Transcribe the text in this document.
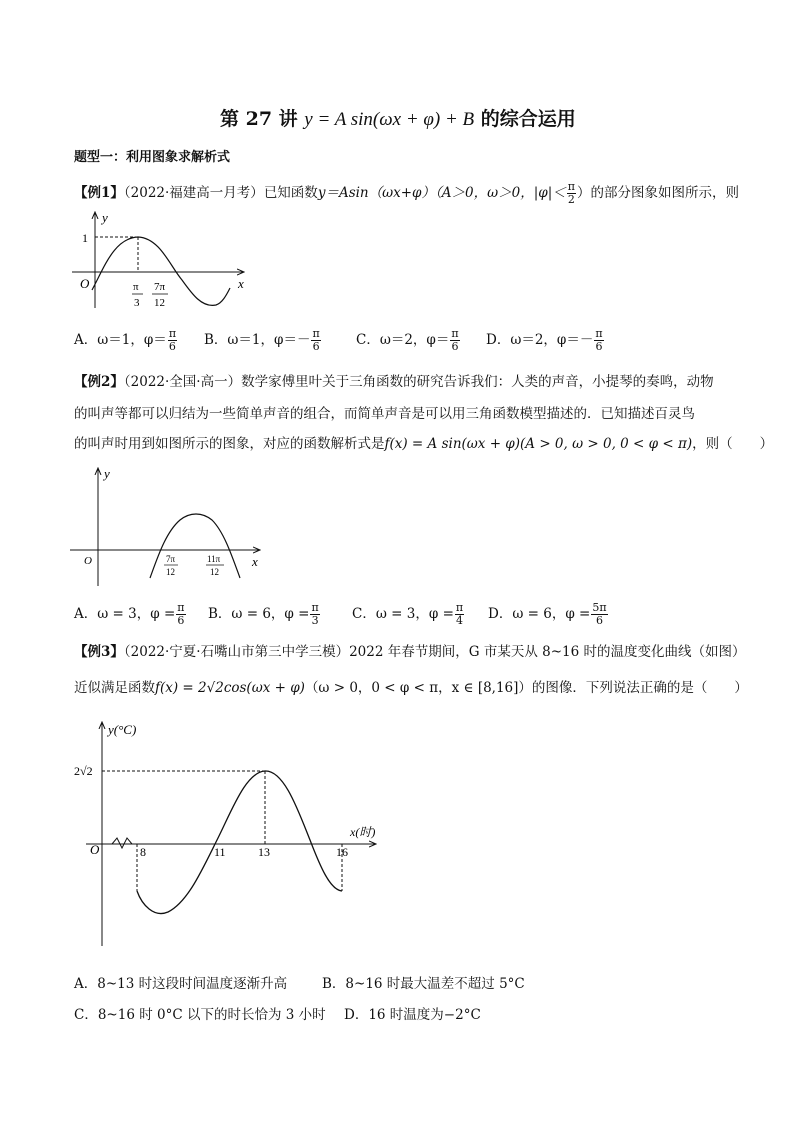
第 27 讲 y = A sin(ωx + φ) + B 的综合运用
题型一：利用图象求解析式
【例1】（2022·福建高一月考）已知函数y＝Asin（ωx+φ）（A＞0，ω＞0，$|\varphi|< \frac{\pi}{2}$ ）的部分图象如图所示，则
y
x
O
1
π
3
7π
12
A．ω＝1，$\varphi= \frac{\pi}{6}$ B．ω＝1，$\varphi=- \frac{\pi}{6}$	C．ω＝2，$\varphi= \frac{\pi}{6}$ D．ω＝2，$\varphi=- \frac{\pi}{6}$
【例2】（2022·全国·高一）数学家傅里叶关于三角函数的研究告诉我们：人类的声音，小提琴的奏鸣，动物
的叫声等都可以归结为一些简单声音的组合，而简单声音是可以用三角函数模型描述的．已知描述百灵鸟
的叫声时用到如图所示的图象，对应的函数解析式是f(x) = A sin(ωx + φ)(A > 0, ω > 0, 0 < φ < π)，则（　　）
y
x
O	7π
12
11π
12
A．ω = 3，$\varphi = \frac{\pi}{6}$ B．ω = 6，$\varphi = \frac{\pi}{3}$ C．ω = 3，$\varphi = \frac{\pi}{4}$ D．ω = 6，$\varphi = \frac{5\pi}{6}$
【例3】（2022·宁夏·石嘴山市第三中学三模）2022 年春节期间，G 市某天从 8~16 时的温度变化曲线（如图）
近似满足函数f(x) = 2√2cos(ωx + φ)（ω > 0，0 < φ < π，x ∈ [8,16]）的图像．下列说法正确的是（　　）
y(°C)
x(时)
O
2√2
8	11	13	16
A．8~13 时这段时间温度逐渐升高	B．8~16 时最大温差不超过 5°C
C．8~16 时 0°C 以下的时长恰为 3 小时 D．16 时温度为−2°C
